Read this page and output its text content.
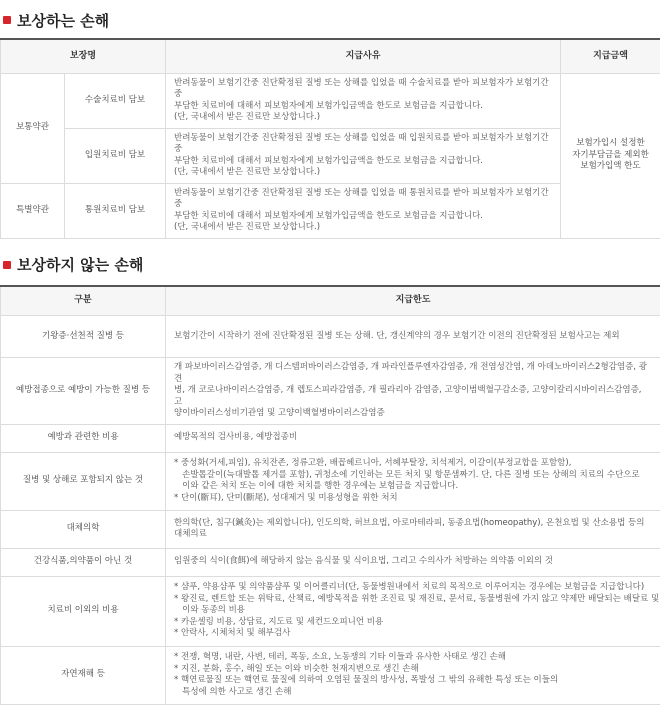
보상하는 손해
보장명		지급사유	지급금액
보통약관	수술치료비 담보	반려동물이 보험기간중 진단확정된 질병 또는 상해를 입었을 때 수술치료를 받아 피보험자가 보험기간중
부담한 치료비에 대해서 피보험자에게 보험가입금액을 한도로 보험금을 지급합니다.
(단, 국내에서 받은 진료만 보상합니다.)	보험가입시 설정한
자기부담금을 제외한
보험가입액 한도

	입원치료비 담보	반려동물이 보험기간중 진단확정된 질병 또는 상해를 입었을 때 입원치료를 받아 피보험자가 보험기간중
부담한 치료비에 대해서 피보험자에게 보험가입금액을 한도로 보험금을 지급합니다.
(단, 국내에서 받은 진료만 보상합니다.)	

특별약관	통원치료비 담보	반려동물이 보험기간중 진단확정된 질병 또는 상해를 입었을 때 통원치료를 받아 피보험자가 보험기간중
부담한 치료비에 대해서 피보험자에게 보험가입금액을 한도로 보험금을 지급합니다.
(단, 국내에서 받은 진료만 보상합니다.)	
보상하지 않는 손해
구분	지급한도
기왕증·선천적 질병 등	보험기간이 시작하기 전에 진단확정된 질병 또는 상해. 단, 갱신계약의 경우 보험기간 이전의 진단확정된 보험사고는 제외

예방접종으로 예방이 가능한 질병 등	개 파보바이러스감염증, 개 디스템퍼바이러스감염증, 개 파라인플루엔자감염증, 개 전염성간염, 개 아데노바이러스2형감염증, 광견
병, 개 코로나바이러스감염증, 개 렙토스피라감염증, 개 필라리아 감염증, 고양이범백혈구감소증, 고양이칼리시바이러스감염증, 고
양이바이러스성비기관염 및 고양이백혈병바이러스감염증

예방과 관련한 비용	예방목적의 검사비용, 예방접종비

질병 및 상해로 포함되지 않는 것	* 중성화(거세,피임), 유치잔존, 정류고환, 배꼽헤르니아, 서혜부탈장, 치석제거, 이갈이(부정교합을 포함함),
손발톱갈이(늑대발톱 제거를 포함), 귀청소에 기인하는 모든 처치 및 항문샘짜기. 단, 다른 질병 또는 상해의 치료의 수단으로
이와 같은 처치 또는 이에 대한 처치를 행한 경우에는 보험금을 지급합니다.
* 단이(斷耳), 단미(斷尾), 성대제거 및 미용성형을 위한 처치

대체의학	한의학(단, 침구(鍼灸)는 제외합니다), 인도의학, 허브요법, 아로마테라피, 동종요법(homeopathy), 온천요법 및 산소용법 등의
대체의료

건강식품,의약품이 아닌 것	임원중의 식이(食餌)에 해당하지 않는 음식물 및 식이요법, 그리고 수의사가 처방하는 의약품 이외의 것

치료비 이외의 비용	* 샴푸, 약용샴푸 및 의약품샴푸 및 이어클리너(단, 동물병원내에서 치료의 목적으로 이루어지는 경우에는 보험금을 지급합니다)
* 왕진료, 렌트할 또는 위탁료, 산책료, 예방목적을 위한 조진료 및 재진료, 문서료, 동물병원에 가지 않고 약제만 배달되는 배달료 및
이와 동종의 비용
* 카운셀링 비용, 상담료, 지도료 및 세컨드오피니언 비용
* 안락사, 시체처치 및 해부검사

자연재해 등	* 전쟁, 혁명, 내란, 사변, 테러, 폭동, 소요, 노동쟁의 기타 이들과 유사한 사태로 생긴 손해
* 지진, 분화, 홍수, 해일 또는 이와 비슷한 천재지변으로 생긴 손해
* 핵연료물질 또는 핵연료 물질에 의하여 오염된 물질의 방사성, 폭발성 그 밖의 유해한 특성 또는 이들의
특성에 의한 사고로 생긴 손해
